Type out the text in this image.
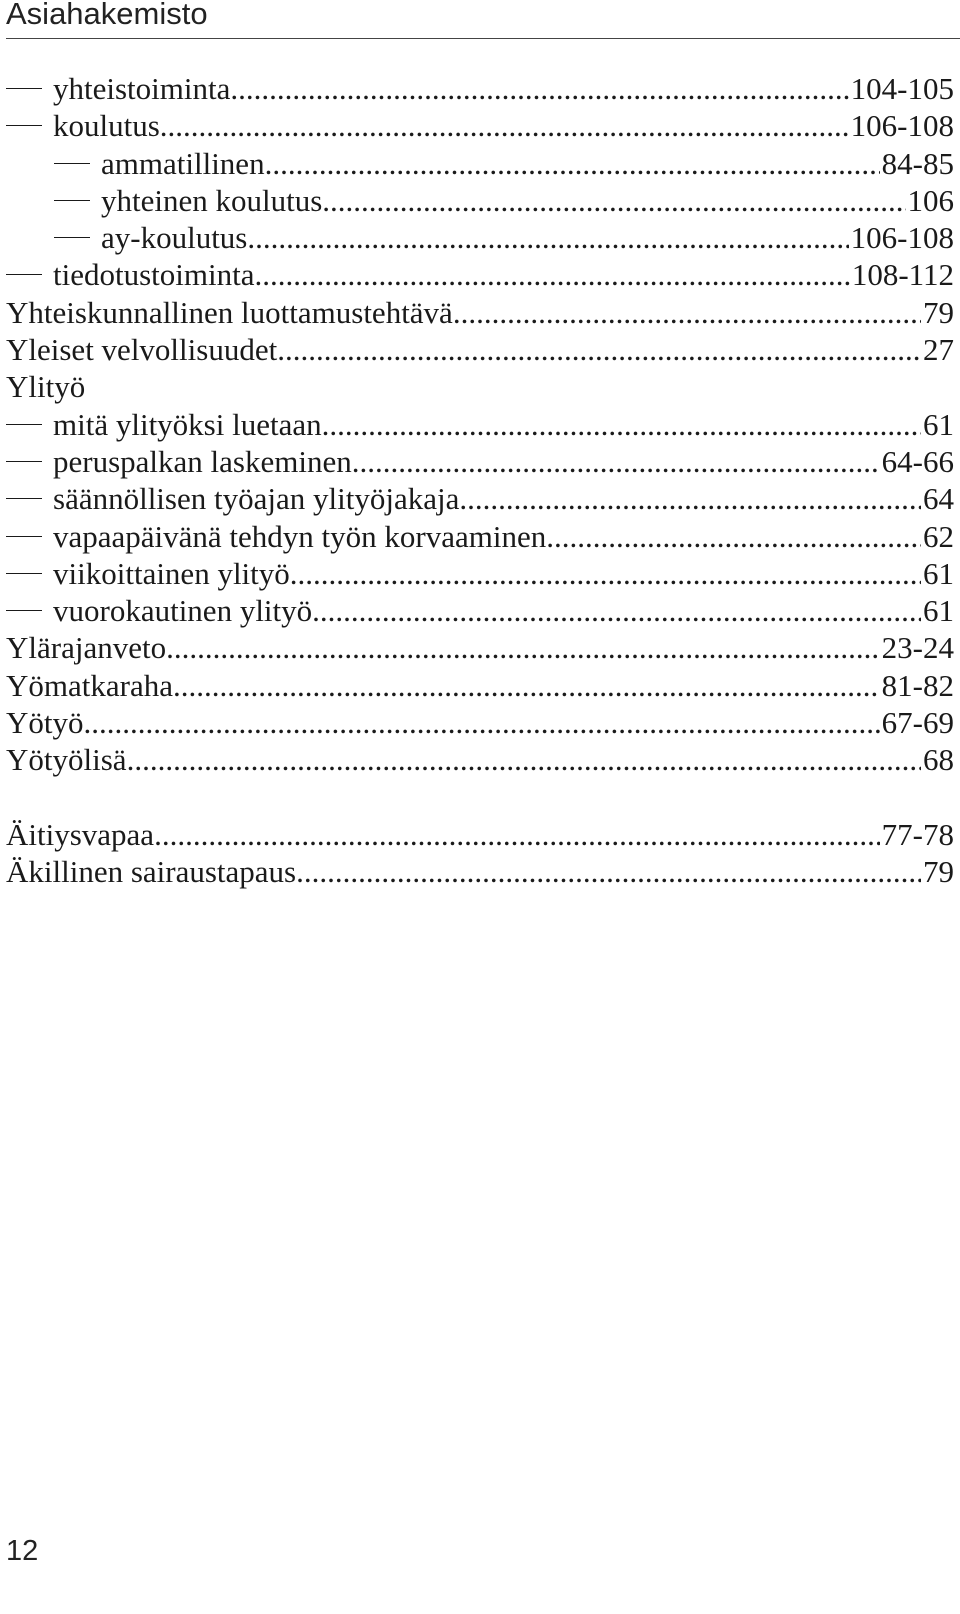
Asiahakemisto
yhteistoiminta .....	104-105
koulutus .....	106-108
ammatillinen .....	84-85
yhteinen koulutus .....	106
ay-koulutus .....	106-108
tiedotustoiminta .....	108-112
Yhteiskunnallinen luottamustehtävä .....	79
Yleiset velvollisuudet .....	27
Ylityö
mitä ylityöksi luetaan .....	61
peruspalkan laskeminen .....	64-66
säännöllisen työajan ylityöjakaja .....	64
vapaapäivänä tehdyn työn korvaaminen .....	62
viikoittainen ylityö .....	61
vuorokautinen ylityö .....	61
Ylärajanveto .....	23-24
Yömatkaraha .....	81-82
Yötyö .....	67-69
Yötyölisä .....	68
Äitiysvapaa .....	77-78
Äkillinen sairaustapaus .....	79
12
